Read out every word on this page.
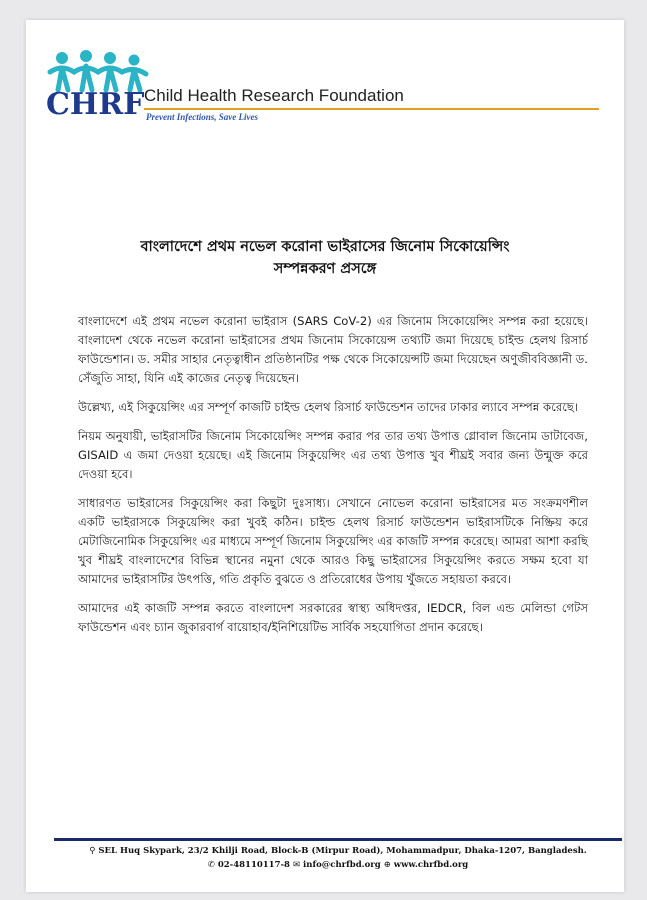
CHRF Child Health Research Foundation
Prevent Infections, Save Lives
বাংলাদেশে প্রথম নভেল করোনা ভাইরাসের জিনোম সিকোয়েন্সিং
সম্পন্নকরণ প্রসঙ্গে

বাংলাদেশে এই প্রথম নভেল করোনা ভাইরাস (SARS CoV-2) এর জিনোম সিকোয়েন্সিং সম্পন্ন করা হয়েছে। বাংলাদেশ থেকে নভেল করোনা ভাইরাসের প্রথম জিনোম সিকোয়েন্স তথ্যটি জমা দিয়েছে চাইল্ড হেলথ রিসার্চ ফাউন্ডেশান। ড. সমীর সাহার নেতৃত্বাধীন প্রতিষ্ঠানটির পক্ষ থেকে সিকোয়েন্সটি জমা দিয়েছেন অণুজীববিজ্ঞানী ড. সেঁজুতি সাহা, যিনি এই কাজের নেতৃত্ব দিয়েছেন।

উল্লেখ্য, এই সিকুয়েন্সিং এর সম্পূর্ণ কাজটি চাইল্ড হেলথ রিসার্চ ফাউন্ডেশন তাদের ঢাকার ল্যাবে সম্পন্ন করেছে।

নিয়ম অনুযায়ী, ভাইরাসটির জিনোম সিকোয়েন্সিং সম্পন্ন করার পর তার তথ্য উপাত্ত গ্লোবাল জিনোম ডাটাবেজ, GISAID এ জমা দেওয়া হয়েছে। এই জিনোম সিকুয়েন্সিং এর তথ্য উপাত্ত খুব শীঘ্রই সবার জন্য উন্মুক্ত করে দেওয়া হবে।

সাধারণত ভাইরাসের সিকুয়েন্সিং করা কিছুটা দুঃসাধ্য। সেখানে নোভেল করোনা ভাইরাসের মত সংক্রমণশীল একটি ভাইরাসকে সিকুয়েন্সিং করা খুবই কঠিন। চাইল্ড হেলথ রিসার্চ ফাউন্ডেশন ভাইরাসটিকে নিষ্ক্রিয় করে মেটাজিনোমিক সিকুয়েন্সিং এর মাধ্যমে সম্পূর্ণ জিনোম সিকুয়েন্সিং এর কাজটি সম্পন্ন করেছে। আমরা আশা করছি খুব শীঘ্রই বাংলাদেশের বিভিন্ন স্থানের নমুনা থেকে আরও কিছু ভাইরাসের সিকুয়েন্সিং করতে সক্ষম হবো যা আমাদের ভাইরাসটির উৎপত্তি, গতি প্রকৃতি বুঝতে ও প্রতিরোধের উপায় খুঁজতে সহায়তা করবে।

আমাদের এই কাজটি সম্পন্ন করতে বাংলাদেশ সরকারের স্বাস্থ্য অধিদপ্তর, IEDCR, বিল এন্ড মেলিন্ডা গেটস ফাউন্ডেশন এবং চ্যান জুকারবার্গ বায়োহাব/ইনিশিয়েটিভ সার্বিক সহযোগিতা প্রদান করেছে।

⚲ SEL Huq Skypark, 23/2 Khilji Road, Block-B (Mirpur Road), Mohammadpur, Dhaka-1207, Bangladesh.
✆ 02-48110117-8 ✉ info@chrfbd.org ⊕ www.chrfbd.org
